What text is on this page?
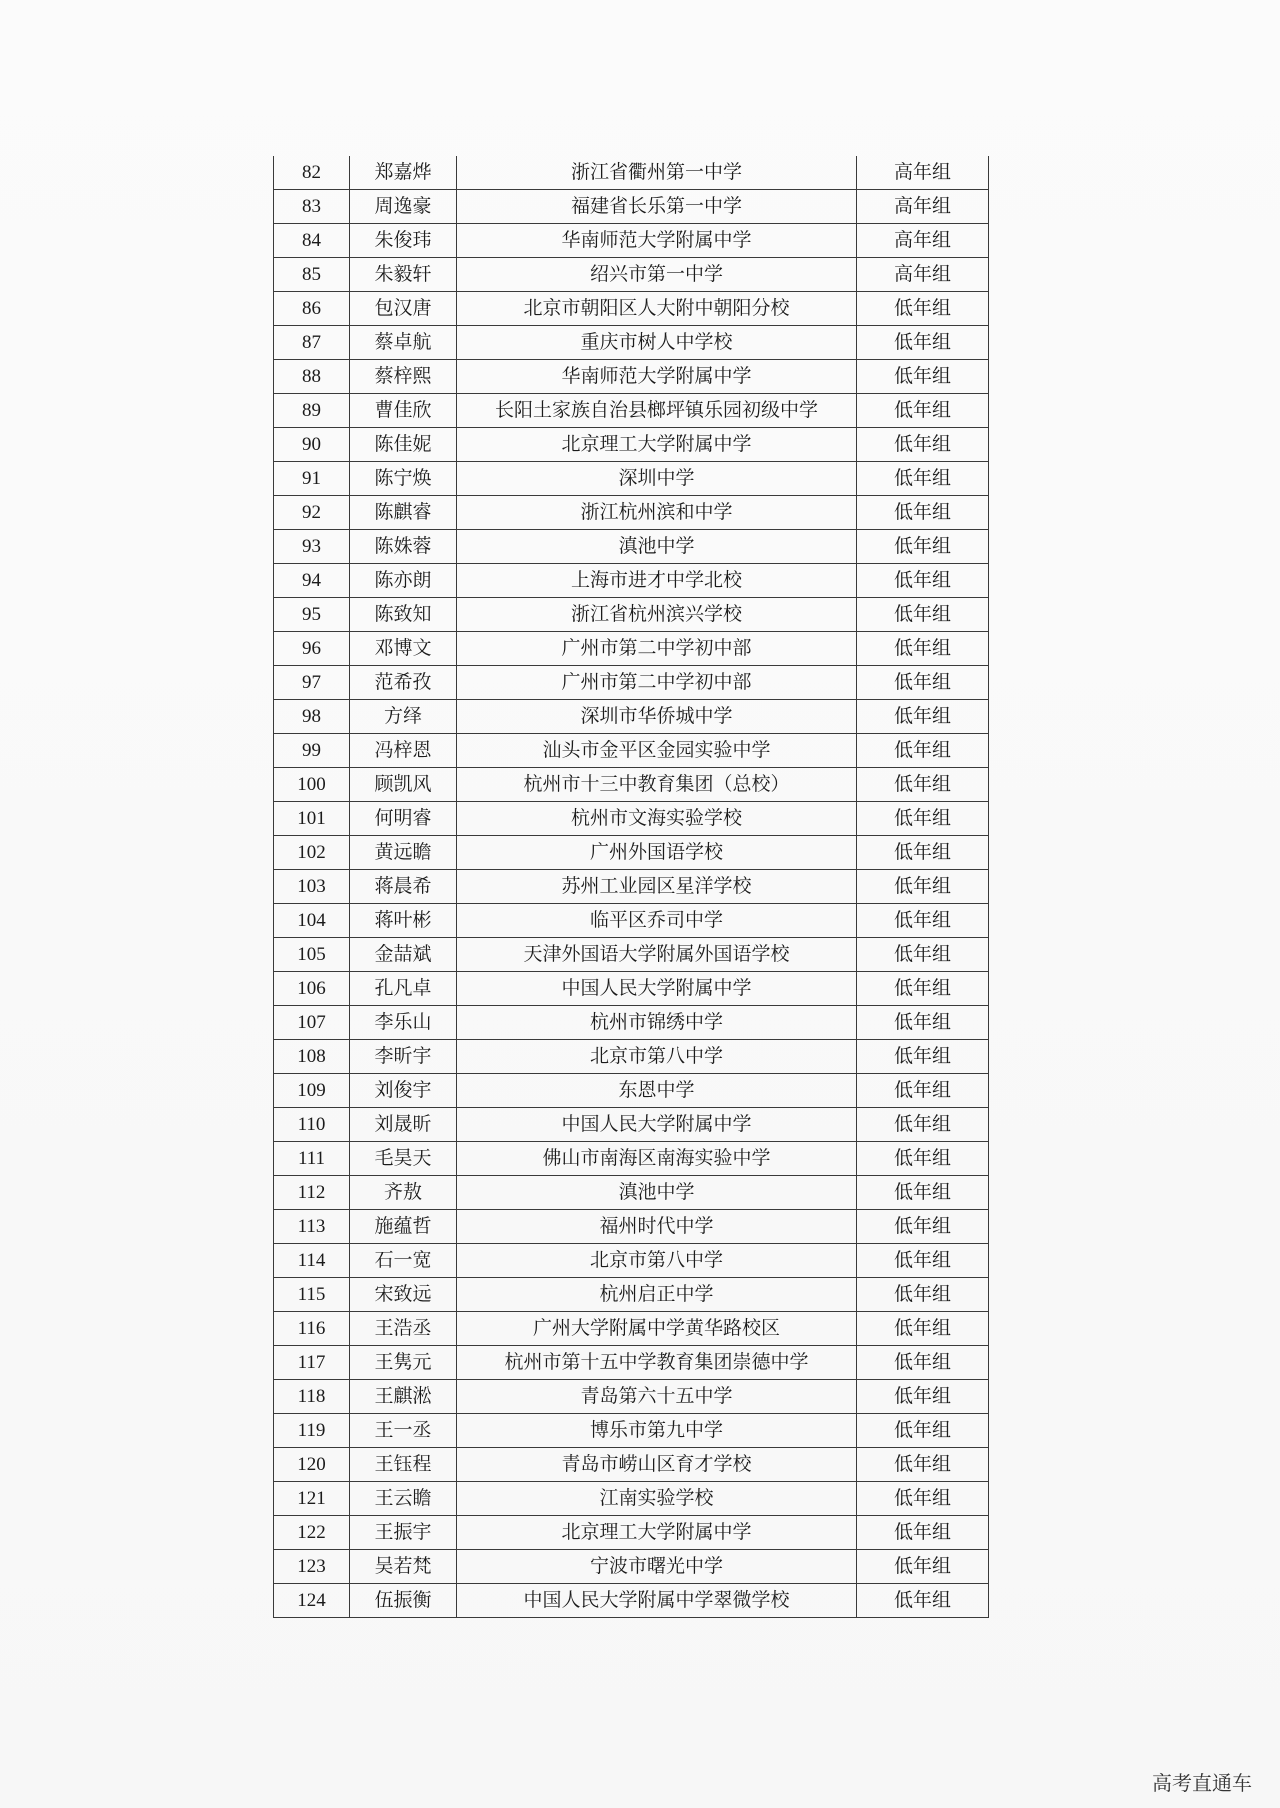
82	郑嘉烨	浙江省衢州第一中学	高年组
83	周逸豪	福建省长乐第一中学	高年组
84	朱俊玮	华南师范大学附属中学	高年组
85	朱毅轩	绍兴市第一中学	高年组
86	包汉唐	北京市朝阳区人大附中朝阳分校	低年组
87	蔡卓航	重庆市树人中学校	低年组
88	蔡梓熙	华南师范大学附属中学	低年组
89	曹佳欣	长阳土家族自治县榔坪镇乐园初级中学	低年组
90	陈佳妮	北京理工大学附属中学	低年组
91	陈宁焕	深圳中学	低年组
92	陈麒睿	浙江杭州滨和中学	低年组
93	陈姝蓉	滇池中学	低年组
94	陈亦朗	上海市进才中学北校	低年组
95	陈致知	浙江省杭州滨兴学校	低年组
96	邓博文	广州市第二中学初中部	低年组
97	范希孜	广州市第二中学初中部	低年组
98	方绎	深圳市华侨城中学	低年组
99	冯梓恩	汕头市金平区金园实验中学	低年组
100	顾凯风	杭州市十三中教育集团（总校）	低年组
101	何明睿	杭州市文海实验学校	低年组
102	黄远瞻	广州外国语学校	低年组
103	蒋晨希	苏州工业园区星洋学校	低年组
104	蒋叶彬	临平区乔司中学	低年组
105	金喆斌	天津外国语大学附属外国语学校	低年组
106	孔凡卓	中国人民大学附属中学	低年组
107	李乐山	杭州市锦绣中学	低年组
108	李昕宇	北京市第八中学	低年组
109	刘俊宇	东恩中学	低年组
110	刘晟昕	中国人民大学附属中学	低年组
111	毛昊天	佛山市南海区南海实验中学	低年组
112	齐敖	滇池中学	低年组
113	施蕴哲	福州时代中学	低年组
114	石一宽	北京市第八中学	低年组
115	宋致远	杭州启正中学	低年组
116	王浩丞	广州大学附属中学黄华路校区	低年组
117	王隽元	杭州市第十五中学教育集团崇德中学	低年组
118	王麒淞	青岛第六十五中学	低年组
119	王一丞	博乐市第九中学	低年组
120	王钰程	青岛市崂山区育才学校	低年组
121	王云瞻	江南实验学校	低年组
122	王振宇	北京理工大学附属中学	低年组
123	吴若梵	宁波市曙光中学	低年组
124	伍振衡	中国人民大学附属中学翠微学校	低年组
高考直通车
